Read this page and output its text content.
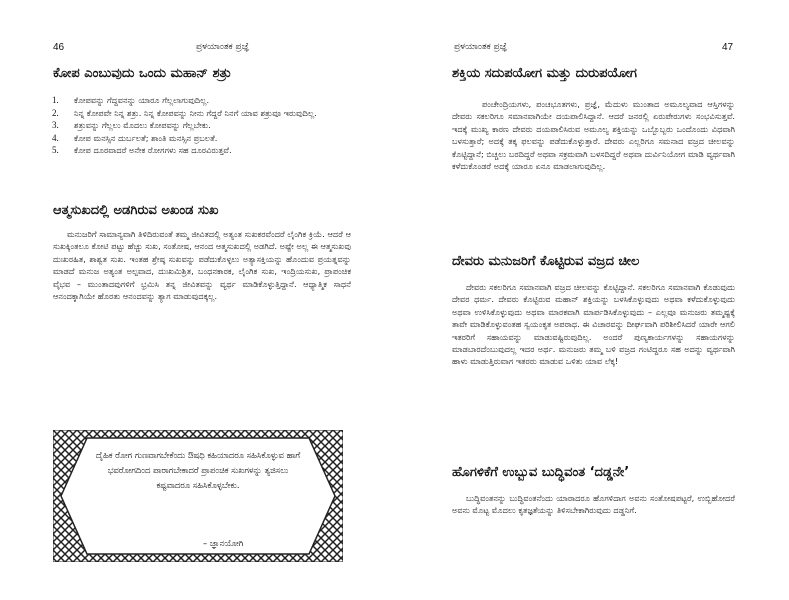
46	ಪ್ರಳಯಾಂತಕ ಪ್ರಜ್ಞೆ
ಕೋಪ ಎಂಬುವುದು ಒಂದು ಮಹಾನ್ ಶತ್ರು
1. ಕೋಪವನ್ನು ಗೆದ್ದವನನ್ನು ಯಾರೂ ಗೆಲ್ಲಲಾಗುವುದಿಲ್ಲ.
2. ನಿನ್ನ ಕೋಪವೇ ನಿನ್ನ ಶತ್ರು. ನಿನ್ನ ಕೋಪವನ್ನು ನೀನು ಗೆದ್ದರೆ ನಿನಗೆ ಯಾವ ಶತ್ರುವೂ ಇರುವುದಿಲ್ಲ.
3. ಶತ್ರುವನ್ನು ಗೆಲ್ಲಲು ಮೊದಲು ಕೋಪವನ್ನು ಗೆಲ್ಲಬೇಕು.
4. ಕೋಪ ಮನಸ್ಸಿನ ದುರ್ಬಲತೆ; ಶಾಂತಿ ಮನಸ್ಸಿನ ಪ್ರಬಲತೆ.
5. ಕೋಪ ದೂರವಾದರೆ ಅನೇಕ ರೋಗಗಳು ಸಹ ದೂರವಿರುತ್ತವೆ.
ಆತ್ಮಸುಖದಲ್ಲಿ ಅಡಗಿರುವ ಅಖಂಡ ಸುಖ

ಮನುಜರಿಗೆ ಸಾಮಾನ್ಯವಾಗಿ ತಿಳಿದಿರುವಂತೆ ತಮ್ಮ ಜೀವಿತದಲ್ಲಿ ಅತ್ಯಂತ ಸುಖಕರವೆಂದರೆ ಲೈಂಗಿಕ ಕ್ರಿಯೆ. ಆದರೆ ಆ ಸುಖಕ್ಕಿಂತಲೂ ಕೋಟಿ ಪಟ್ಟು ಹೆಚ್ಚು ಸುಖ, ಸಂತೋಷ, ಆನಂದ ಆತ್ಮಸುಖದಲ್ಲಿ ಅಡಗಿದೆ. ಅಷ್ಟೇ ಅಲ್ಲ ಈ ಆತ್ಮಸುಖವು ದುಃಖರಹಿತ, ಶಾಶ್ವತ ಸುಖ. ಇಂತಹ ಶ್ರೇಷ್ಠ ಸುಖವನ್ನು ಪಡೆದುಕೊಳ್ಳಲು ಅತ್ಯಾಸಕ್ತಿಯನ್ನು ಹೊಂದುವ ಪ್ರಯತ್ನವನ್ನು ಮಾಡದೆ ಮನುಜ ಅತ್ಯಂತ ಅಲ್ಪವಾದ, ದುಃಖಮಿಶ್ರಿತ, ಬಂಧನಕಾರಕ, ಲೈಂಗಿಕ ಸುಖ, ಇಂದ್ರಿಯಸುಖ, ಪ್ರಾಪಂಚಿಕ ವೈಭವ – ಮುಂತಾದವುಗಳಿಗೆ ಭ್ರಮಿಸಿ ತನ್ನ ಜೀವಿತವನ್ನು ವ್ಯರ್ಥ ಮಾಡಿಕೊಳ್ಳುತ್ತಿದ್ದಾನೆ. ಆಧ್ಯಾತ್ಮಿಕ ಸಾಧನೆ ಆನಂದಕ್ಕಾಗಿಯೇ ಹೊರತು ಆನಂದವನ್ನು ತ್ಯಾಗ ಮಾಡುವುದಕ್ಕಲ್ಲ.

ದೈಹಿಕ ರೋಗ ಗುಣವಾಗಬೇಕೆಂದು ಔಷಧಿ ಕಹಿಯಾದರೂ ಸಹಿಸಿಕೊಳ್ಳುವ ಹಾಗೆ ಭವರೋಗದಿಂದ ಪಾರಾಗಬೇಕಾದರೆ ಪ್ರಾಪಂಚಿಕ ಸುಖಗಳನ್ನು ತ್ಯಜಿಸಲು ಕಷ್ಟವಾದರೂ ಸಹಿಸಿಕೊಳ್ಳಬೇಕು.

– ಜ್ಞಾನಯೋಗಿ
ಪ್ರಳಯಾಂತಕ ಪ್ರಜ್ಞೆ	47
ಶಕ್ತಿಯ ಸದುಪಯೋಗ ಮತ್ತು ದುರುಪಯೋಗ

ಪಂಚೇಂದ್ರಿಯಗಳು, ಪಂಚಭೂತಗಳು, ಪ್ರಜ್ಞೆ, ಮೆದುಳು ಮುಂತಾದ ಅಮೂಲ್ಯವಾದ ಆಸ್ತಿಗಳನ್ನು ದೇವರು ಸಕಲರಿಗೂ ಸಮಾನವಾಗಿಯೇ ದಯಪಾಲಿಸಿದ್ದಾನೆ. ಆದರೆ ಜನರಲ್ಲಿ ಏರುಪೇರುಗಳು ಸಂಭವಿಸುತ್ತವೆ. ಇದಕ್ಕೆ ಮುಖ್ಯ ಕಾರಣ ದೇವರು ದಯಪಾಲಿಸಿರುವ ಅಮೂಲ್ಯ ಶಕ್ತಿಯನ್ನು ಒಬ್ಬೊಬ್ಬರು ಒಂದೊಂದು ವಿಧವಾಗಿ ಬಳಸುತ್ತಾರೆ; ಅದಕ್ಕೆ ತಕ್ಕ ಫಲವನ್ನು ಪಡೆದುಕೊಳ್ಳುತ್ತಾರೆ. ದೇವರು ಎಲ್ಲರಿಗೂ ಸಮನಾದ ವಜ್ರದ ಚೀಲವನ್ನು ಕೊಟ್ಟಿದ್ದಾನೆ; ಬಿಚ್ಚಲು ಬರದಿದ್ದರೆ ಅಥವಾ ಸಕ್ರಮವಾಗಿ ಬಳಸದಿದ್ದರೆ ಅಥವಾ ದುರ್ವಿನಿಯೋಗ ಮಾಡಿ ವ್ಯರ್ಥವಾಗಿ ಕಳೆದುಕೊಂಡರೆ ಅದಕ್ಕೆ ಯಾರೂ ಏನೂ ಮಾಡಲಾಗುವುದಿಲ್ಲ.

ದೇವರು ಮನುಜರಿಗೆ ಕೊಟ್ಟಿರುವ ವಜ್ರದ ಚೀಲ

ದೇವರು ಸಕಲರಿಗೂ ಸಮಾನವಾಗಿ ವಜ್ರದ ಚೀಲವನ್ನು ಕೊಟ್ಟಿದ್ದಾನೆ. ಸಕಲರಿಗೂ ಸಮಾನವಾಗಿ ಕೊಡುವುದು ದೇವರ ಧರ್ಮ. ದೇವರು ಕೊಟ್ಟಿರುವ ಮಹಾನ್ ಶಕ್ತಿಯನ್ನು ಬಳಸಿಕೊಳ್ಳುವುದು ಅಥವಾ ಕಳೆದುಕೊಳ್ಳುವುದು ಅಥವಾ ಉಳಿಸಿಕೊಳ್ಳುವುದು ಅಥವಾ ಮಾರಕವಾಗಿ ಮಾರ್ಪಡಿಸಿಕೊಳ್ಳುವುದು – ಎಲ್ಲವೂ ಮನುಜರು ತಮ್ಮಷ್ಟಕ್ಕೆ ತಾವೇ ಮಾಡಿಕೊಳ್ಳುವಂತಹ ಸ್ವಯಂಕೃತ ಅಪರಾಧ. ಈ ವಿಚಾರವನ್ನು ದೀರ್ಘವಾಗಿ ಪರಿಶೀಲಿಸಿದರೆ ಯಾರೇ ಆಗಲಿ ಇತರರಿಗೆ ಸಹಾಯವನ್ನು ಮಾಡುವಷ್ಟಿರುವುದಿಲ್ಲ. ಅಂದರೆ ಪುಣ್ಯಕಾರ್ಯಗಳನ್ನು ಸಹಾಯಗಳನ್ನು ಮಾಡಬಾರದೆಂಬುವುದಲ್ಲ ಇದರ ಅರ್ಥ. ಮನುಜರು ತಮ್ಮ ಬಳಿ ವಜ್ರದ ಗಂಟಿದ್ದರೂ ಸಹ ಅದನ್ನು ವ್ಯರ್ಥವಾಗಿ ಹಾಳು ಮಾಡುತ್ತಿರುವಾಗ ಇತರರು ಮಾಡುವ ಒಳಿತು ಯಾವ ಲೆಕ್ಕ!

ಹೊಗಳಿಕೆಗೆ ಉಬ್ಬುವ ಬುದ್ಧಿವಂತ ‘ದಡ್ಡನೇ’

ಬುದ್ಧಿವಂತನನ್ನು ಬುದ್ಧಿವಂತನೆಂದು ಯಾರಾದರೂ ಹೊಗಳಿದಾಗ ಅವನು ಸಂತೋಷಪಟ್ಟರೆ, ಉಬ್ಬಿಹೋದರೆ ಅವನು ಮೊಟ್ಟ ಮೊದಲು ಕೃತಜ್ಞತೆಯನ್ನು ತಿಳಿಸಬೇಕಾಗಿರುವುದು ದಡ್ಡನಿಗೆ.
